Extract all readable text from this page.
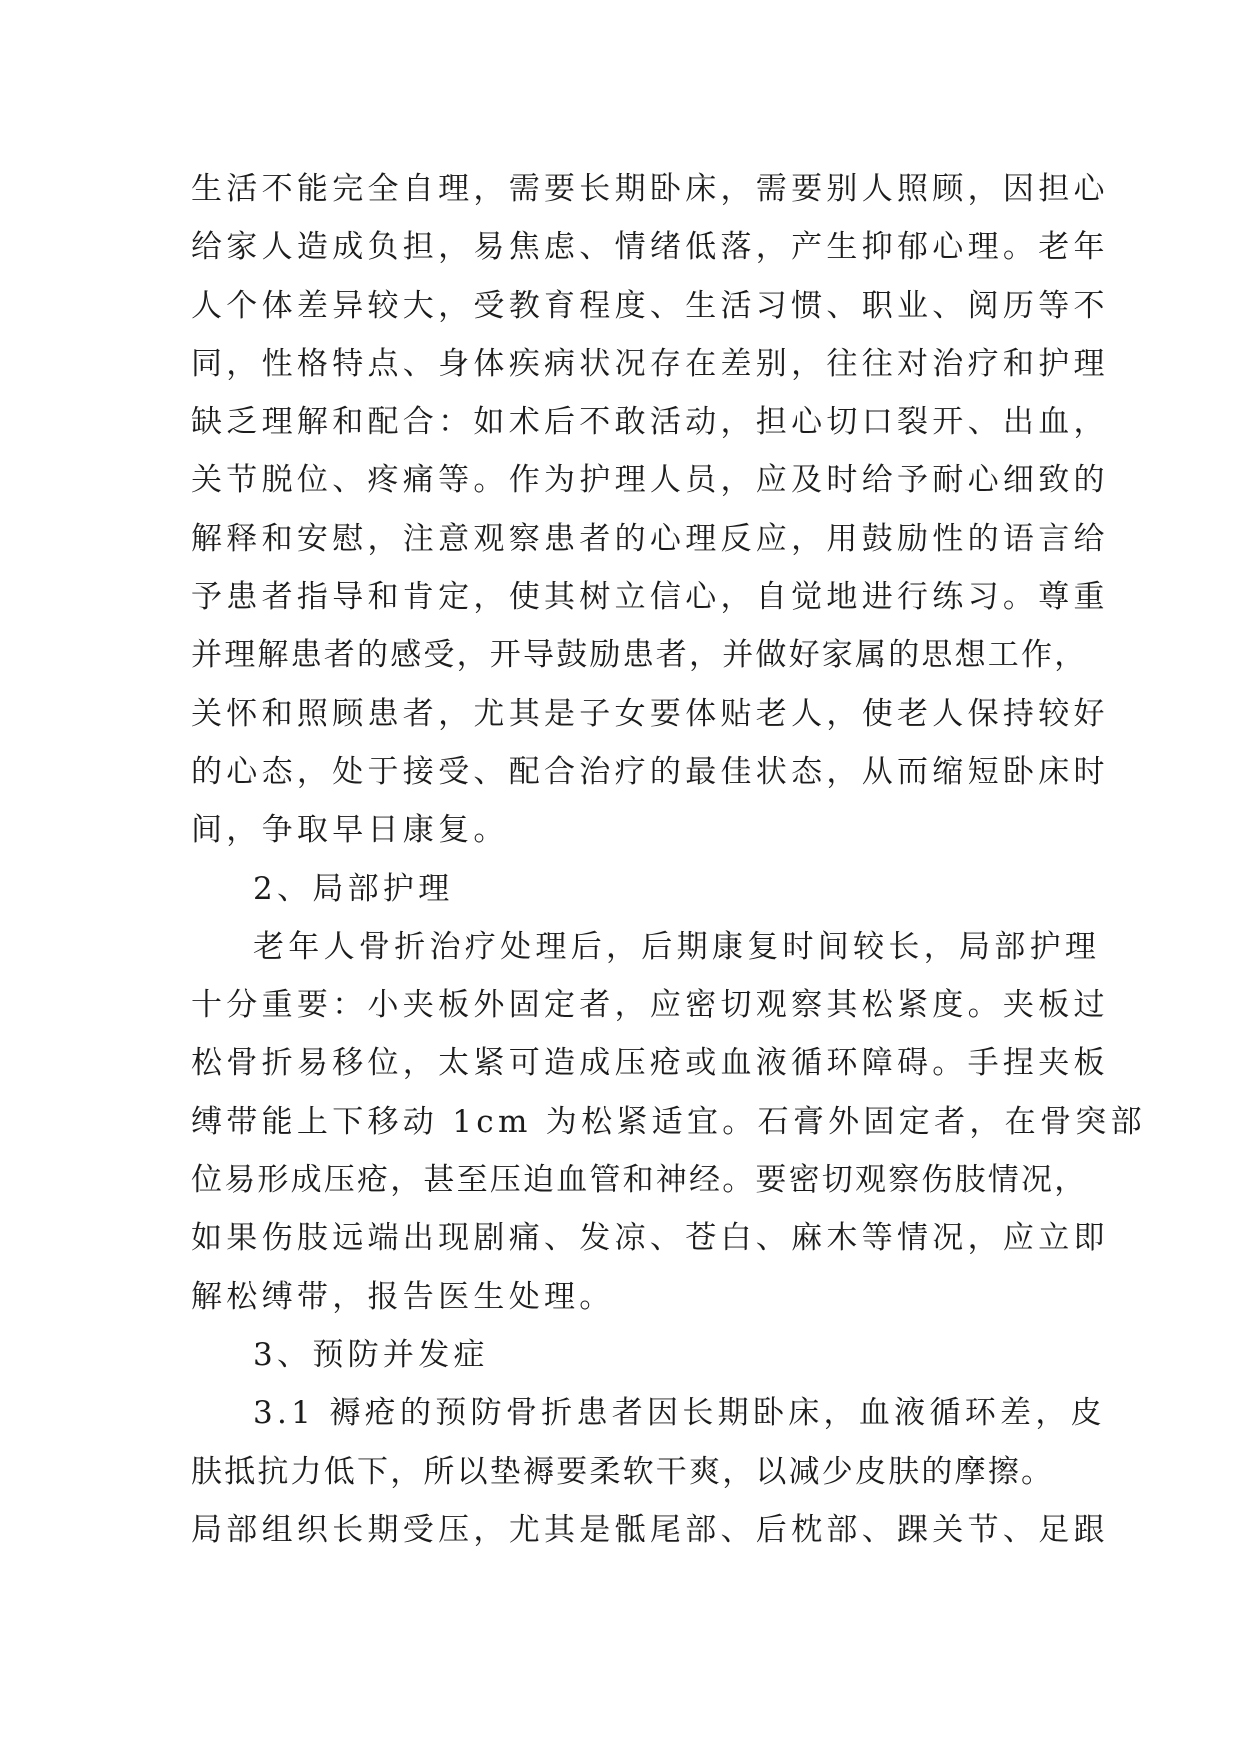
生活不能完全自理，需要长期卧床，需要别人照顾，因担心
给家人造成负担，易焦虑、情绪低落，产生抑郁心理。老年
人个体差异较大，受教育程度、生活习惯、职业、阅历等不
同，性格特点、身体疾病状况存在差别，往往对治疗和护理
缺乏理解和配合：如术后不敢活动，担心切口裂开、出血，
关节脱位、疼痛等。作为护理人员，应及时给予耐心细致的
解释和安慰，注意观察患者的心理反应，用鼓励性的语言给
予患者指导和肯定，使其树立信心，自觉地进行练习。尊重
并理解患者的感受，开导鼓励患者，并做好家属的思想工作，
关怀和照顾患者，尤其是子女要体贴老人，使老人保持较好
的心态，处于接受、配合治疗的最佳状态，从而缩短卧床时
间，争取早日康复。
2、局部护理
老年人骨折治疗处理后，后期康复时间较长，局部护理
十分重要：小夹板外固定者，应密切观察其松紧度。夹板过
松骨折易移位，太紧可造成压疮或血液循环障碍。手捏夹板
缚带能上下移动 1cm 为松紧适宜。石膏外固定者，在骨突部
位易形成压疮，甚至压迫血管和神经。要密切观察伤肢情况，
如果伤肢远端出现剧痛、发凉、苍白、麻木等情况，应立即
解松缚带，报告医生处理。
3、预防并发症
3.1 褥疮的预防骨折患者因长期卧床，血液循环差，皮
肤抵抗力低下，所以垫褥要柔软干爽，以减少皮肤的摩擦。
局部组织长期受压，尤其是骶尾部、后枕部、踝关节、足跟
